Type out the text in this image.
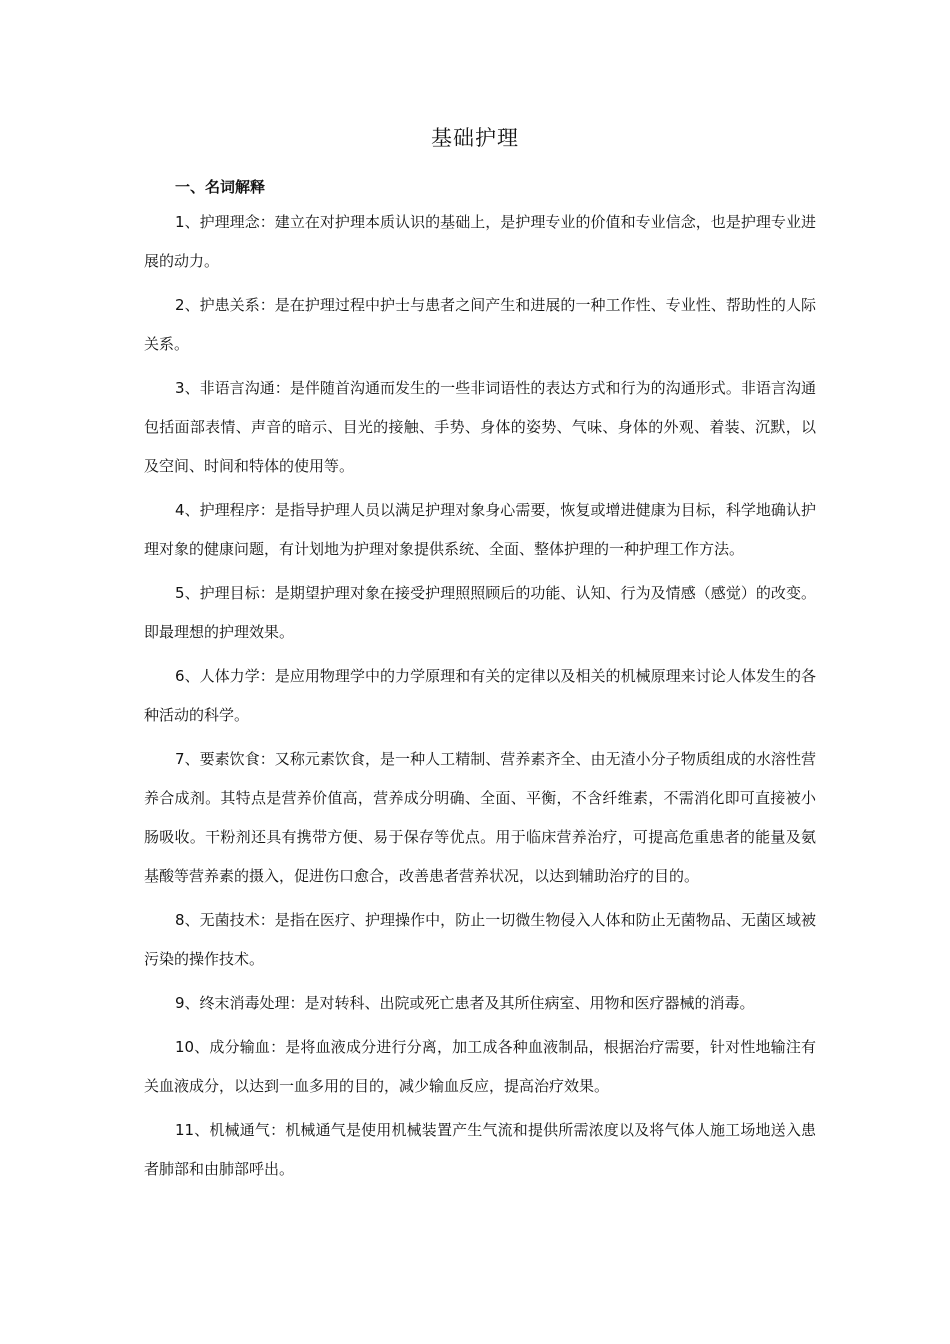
基础护理
一、名词解释

1、护理理念：建立在对护理本质认识的基础上，是护理专业的价值和专业信念，也是护理专业进展的动力。

2、护患关系：是在护理过程中护士与患者之间产生和进展的一种工作性、专业性、帮助性的人际关系。

3、非语言沟通：是伴随首沟通而发生的一些非词语性的表达方式和行为的沟通形式。非语言沟通包括面部表情、声音的暗示、目光的接触、手势、身体的姿势、气味、身体的外观、着装、沉默，以及空间、时间和特体的使用等。

4、护理程序：是指导护理人员以满足护理对象身心需要，恢复或增进健康为目标，科学地确认护理对象的健康问题，有计划地为护理对象提供系统、全面、整体护理的一种护理工作方法。

5、护理目标：是期望护理对象在接受护理照照顾后的功能、认知、行为及情感（感觉）的改变。即最理想的护理效果。

6、人体力学：是应用物理学中的力学原理和有关的定律以及相关的机械原理来讨论人体发生的各种活动的科学。

7、要素饮食：又称元素饮食，是一种人工精制、营养素齐全、由无渣小分子物质组成的水溶性营养合成剂。其特点是营养价值高，营养成分明确、全面、平衡，不含纤维素，不需消化即可直接被小肠吸收。干粉剂还具有携带方便、易于保存等优点。用于临床营养治疗，可提高危重患者的能量及氨基酸等营养素的摄入，促进伤口愈合，改善患者营养状况，以达到辅助治疗的目的。

8、无菌技术：是指在医疗、护理操作中，防止一切微生物侵入人体和防止无菌物品、无菌区域被污染的操作技术。

9、终末消毒处理：是对转科、出院或死亡患者及其所住病室、用物和医疗器械的消毒。

10、成分输血：是将血液成分进行分离，加工成各种血液制品，根据治疗需要，针对性地输注有关血液成分，以达到一血多用的目的，减少输血反应，提高治疗效果。

11、机械通气：机械通气是使用机械装置产生气流和提供所需浓度以及将气体人施工场地送入患者肺部和由肺部呼出。
